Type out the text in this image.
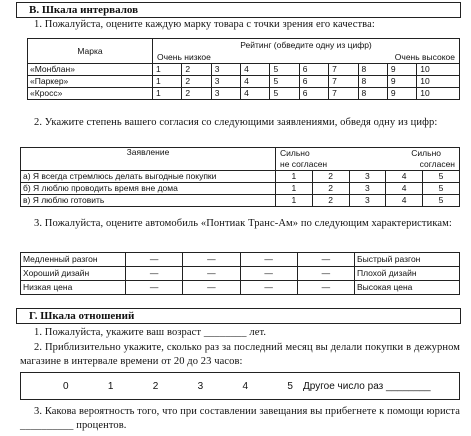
В. Шкала интервалов
1. Пожалуйста, оцените каждую марку товара с точки зрения его качества:
Марка	Рейтинг (обведите одну из цифр)									

	Очень низкое Очень высокое									

«Монблан»	1	2	3	4	5	6	7	8	9	10
«Паркер»	1	2	3	4	5	6	7	8	9	10
«Кросс»	1	2	3	4	5	6	7	8	9	10
2. Укажите степень вашего согласия со следующими заявлениями, обведя одну из цифр:
Заявление	Сильно Сильно				

	не согласен согласен				

а) Я всегда стремлюсь делать выгодные покупки	1	2	3	4	5
б) Я люблю проводить время вне дома	1	2	3	4	5
в) Я люблю готовить	1	2	3	4	5
3. Пожалуйста, оцените автомобиль «Понтиак Транс-Ам» по следующим характеристикам:
Медленный разгон	—	—	—	—	Быстрый разгон
Хороший дизайн	—	—	—	—	Плохой дизайн
Низкая цена	—	—	—	—	Высокая цена
Г. Шкала отношений
1. Пожалуйста, укажите ваш возраст ________ лет.
2. Приблизительно укажите, сколько раз за последний месяц вы делали покупки в дежурном магазине в интервале времени от 20 до 23 часов:
0	1	2	3	4	5 Другое число раз ________
3. Какова вероятность того, что при составлении завещания вы прибегнете к помощи юриста __________ процентов.
